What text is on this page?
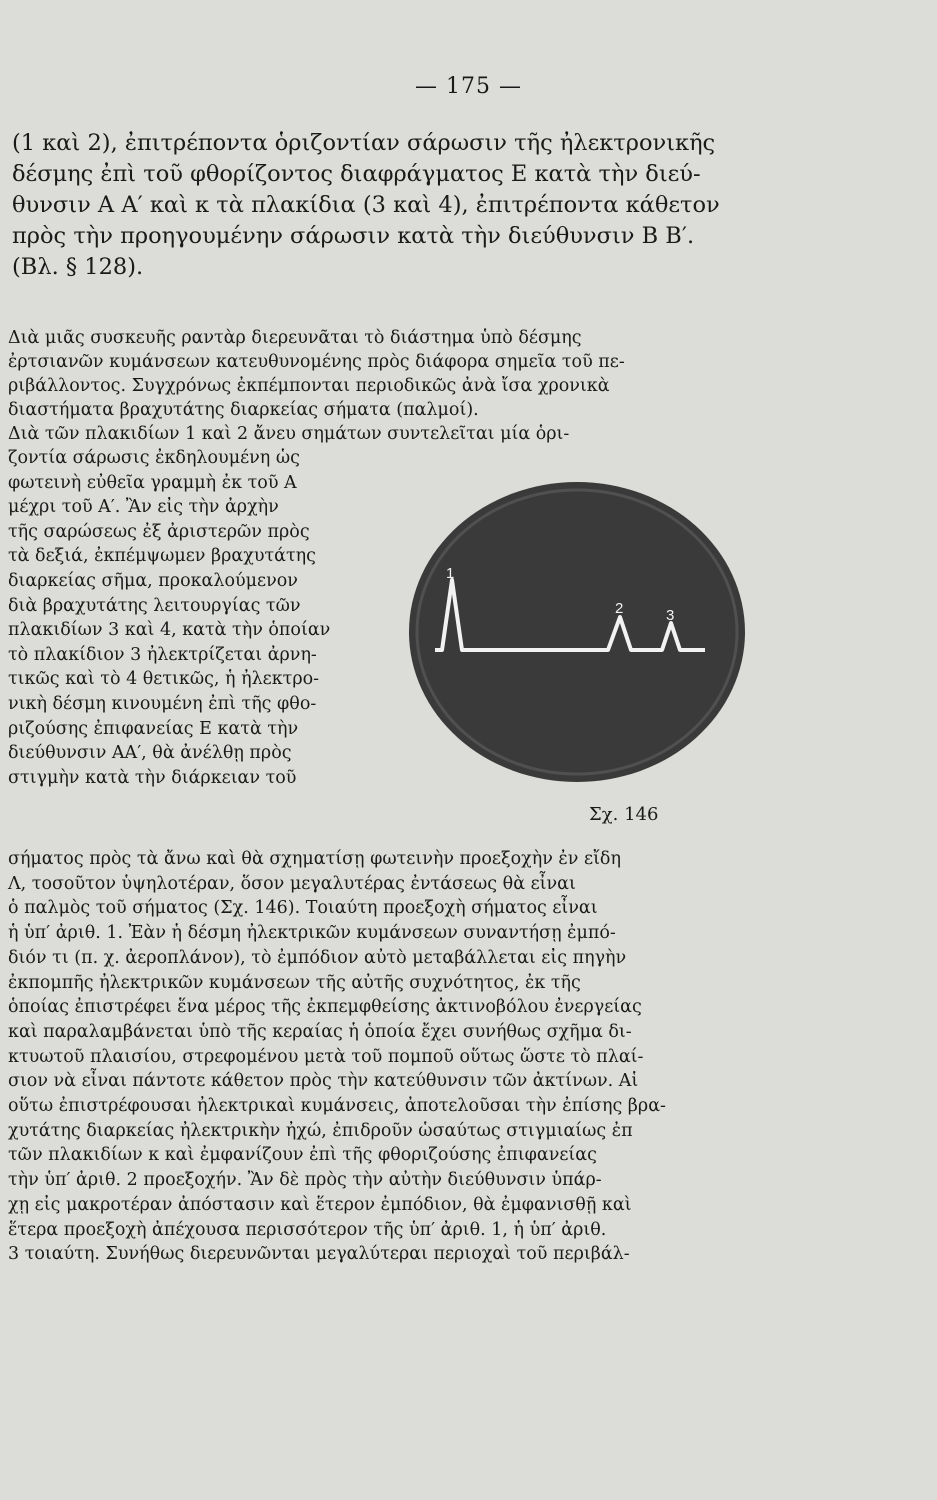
— 175 —
(1 καὶ 2), ἐπιτρέποντα ὁριζοντίαν σάρωσιν τῆς ἠλεκτρονικῆς
δέσμης ἐπὶ τοῦ φθορίζοντος διαφράγματος Ε κατὰ τὴν διεύ-
θυνσιν Α Α′ καὶ κ τὰ πλακίδια (3 καὶ 4), ἐπιτρέποντα κάθετον
πρὸς τὴν προηγουμένην σάρωσιν κατὰ τὴν διεύθυνσιν Β Β′.
(Βλ. § 128).
Διὰ μιᾶς συσκευῆς ραντὰρ διερευνᾶται τὸ διάστημα ὑπὸ δέσμης
ἐρτσιανῶν κυμάνσεων κατευθυνομένης πρὸς διάφορα σημεῖα τοῦ πε-
ριβάλλοντος. Συγχρόνως ἐκπέμπονται περιοδικῶς ἀνὰ ἴσα χρονικὰ
διαστήματα βραχυτάτης διαρκείας σήματα (παλμοί).
Διὰ τῶν πλακιδίων 1 καὶ 2 ἄνευ σημάτων συντελεῖται μία ὁρι-
ζοντία σάρωσις ἐκδηλουμένη ὡς
φωτεινὴ εὐθεῖα γραμμὴ ἐκ τοῦ Α
μέχρι τοῦ Α′. Ἂν εἰς τὴν ἀρχὴν
τῆς σαρώσεως ἐξ ἀριστερῶν πρὸς
τὰ δεξιά, ἐκπέμψωμεν βραχυτάτης
διαρκείας σῆμα, προκαλούμενον
διὰ βραχυτάτης λειτουργίας τῶν
πλακιδίων 3 καὶ 4, κατὰ τὴν ὁποίαν
τὸ πλακίδιον 3 ἠλεκτρίζεται ἀρνη-
τικῶς καὶ τὸ 4 θετικῶς, ἡ ἠλεκτρο-
νικὴ δέσμη κινουμένη ἐπὶ τῆς φθο-
ριζούσης ἐπιφανείας Ε κατὰ τὴν
διεύθυνσιν ΑΑ′, θὰ ἀνέλθῃ πρὸς
στιγμὴν κατὰ τὴν διάρκειαν τοῦ
1
2	3
Σχ. 146
σήματος πρὸς τὰ ἄνω καὶ θὰ σχηματίσῃ φωτεινὴν προεξοχὴν ἐν εἴδη
Λ, τοσοῦτον ὑψηλοτέραν, ὅσον μεγαλυτέρας ἐντάσεως θὰ εἶναι
ὁ παλμὸς τοῦ σήματος (Σχ. 146). Τοιαύτη προεξοχὴ σήματος εἶναι
ἡ ὑπ′ ἀριθ. 1. Ἐὰν ἡ δέσμη ἠλεκτρικῶν κυμάνσεων συναντήσῃ ἐμπό-
διόν τι (π. χ. ἀεροπλάνον), τὸ ἐμπόδιον αὐτὸ μεταβάλλεται εἰς πηγὴν
ἐκπομπῆς ἠλεκτρικῶν κυμάνσεων τῆς αὐτῆς συχνότητος, ἐκ τῆς
ὁποίας ἐπιστρέφει ἕνα μέρος τῆς ἐκπεμφθείσης ἀκτινοβόλου ἐνεργείας
καὶ παραλαμβάνεται ὑπὸ τῆς κεραίας ἡ ὁποία ἔχει συνήθως σχῆμα δι-
κτυωτοῦ πλαισίου, στρεφομένου μετὰ τοῦ πομποῦ οὕτως ὥστε τὸ πλαί-
σιον νὰ εἶναι πάντοτε κάθετον πρὸς τὴν κατεύθυνσιν τῶν ἀκτίνων. Αἱ
οὕτω ἐπιστρέφουσαι ἠλεκτρικαὶ κυμάνσεις, ἀποτελοῦσαι τὴν ἐπίσης βρα-
χυτάτης διαρκείας ἠλεκτρικὴν ἠχώ, ἐπιδροῦν ὡσαύτως στιγμιαίως ἐπ
τῶν πλακιδίων κ καὶ ἐμφανίζουν ἐπὶ τῆς φθοριζούσης ἐπιφανείας
τὴν ὑπ′ ἀριθ. 2 προεξοχήν. Ἂν δὲ πρὸς τὴν αὐτὴν διεύθυνσιν ὑπάρ-
χῃ εἰς μακροτέραν ἀπόστασιν καὶ ἕτερον ἐμπόδιον, θὰ ἐμφανισθῇ καὶ
ἕτερα προεξοχὴ ἀπέχουσα περισσότερον τῆς ὑπ′ ἀριθ. 1, ἡ ὑπ′ ἀριθ.
3 τοιαύτη. Συνήθως διερευνῶνται μεγαλύτεραι περιοχαὶ τοῦ περιβάλ-
